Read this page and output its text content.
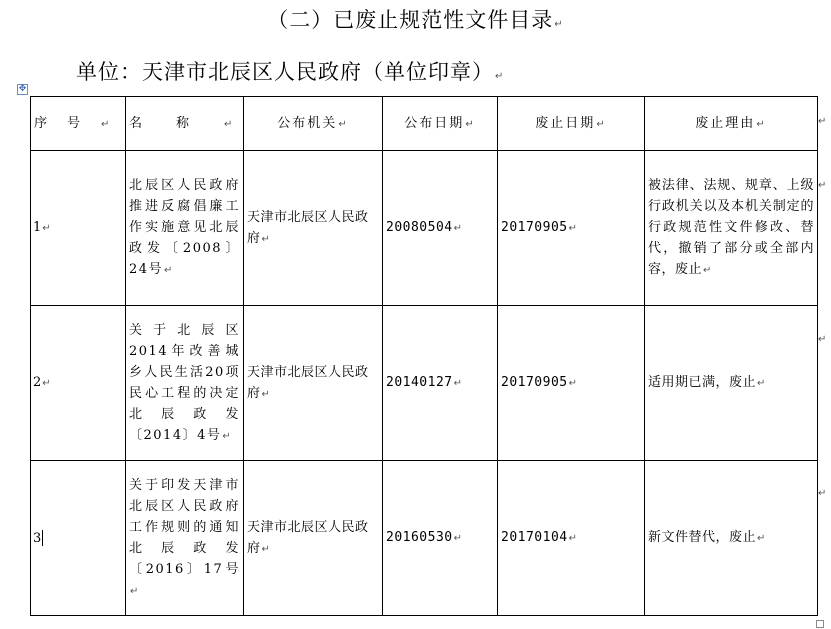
（二）已废止规范性文件目录↵
单位：天津市北辰区人民政府（单位印章）↵
✥
序号↵	名称↵	公布机关↵	公布日期↵	废止日期↵	废止理由↵
1↵	北辰区人民政府推进反腐倡廉工作实施意见北辰政发〔2008〕24号↵	天津市北辰区人民政府↵	20080504↵	20170905↵	被法律、法规、规章、上级行政机关以及本机关制定的行政规范性文件修改、替代，撤销了部分或全部内容，废止↵
2↵	关于北辰区2014年改善城乡人民生活20项民心工程的决定北辰政发〔2014〕4号↵	天津市北辰区人民政府↵	20140127↵	20170905↵	适用期已满，废止↵
3	关于印发天津市北辰区人民政府工作规则的通知北辰政发〔2016〕17号↵	天津市北辰区人民政府↵	20160530↵	20170104↵	新文件替代，废止↵
↵
↵
↵
↵
